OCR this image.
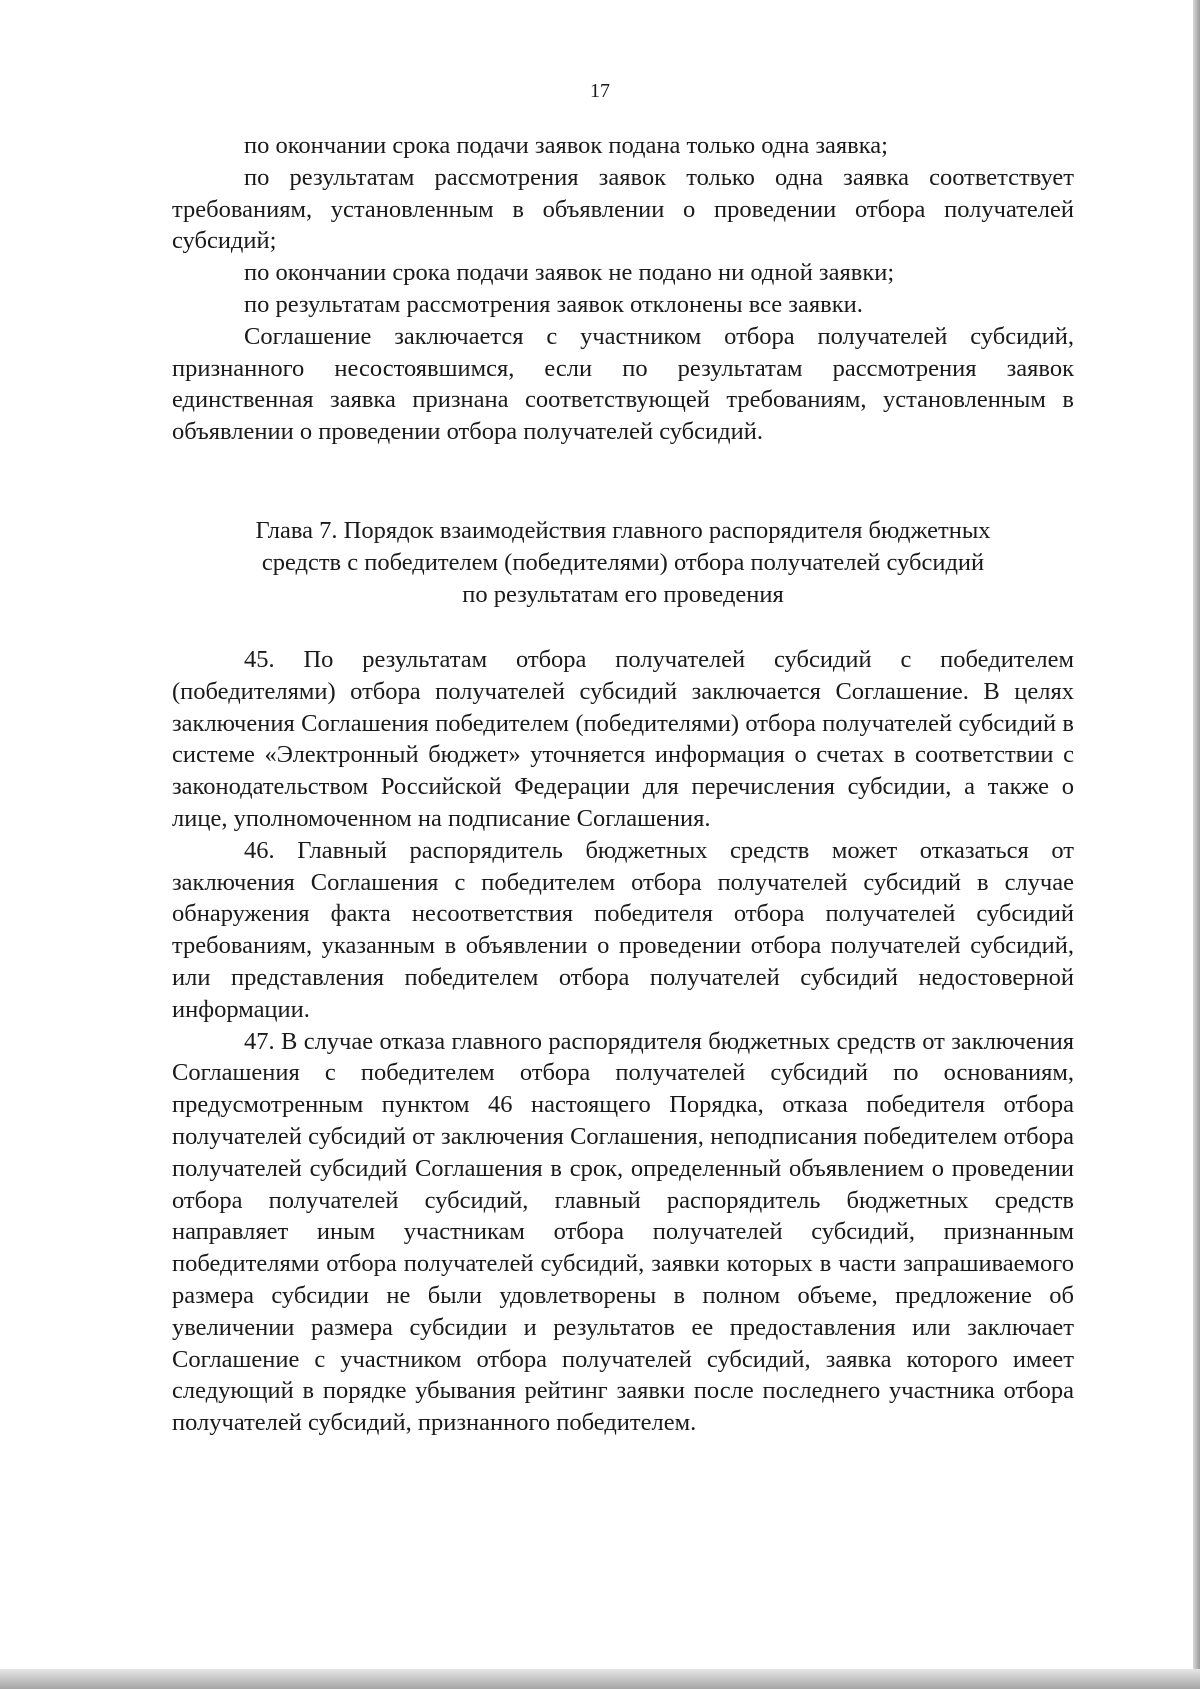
17

по окончании срока подачи заявок подана только одна заявка;

по результатам рассмотрения заявок только одна заявка соответствует требованиям, установленным в объявлении о проведении отбора получателей субсидий;

по окончании срока подачи заявок не подано ни одной заявки;

по результатам рассмотрения заявок отклонены все заявки.

Соглашение заключается с участником отбора получателей субсидий, признанного несостоявшимся, если по результатам рассмотрения заявок единственная заявка признана соответствующей требованиям, установленным в объявлении о проведении отбора получателей субсидий.

Глава 7. Порядок взаимодействия главного распорядителя бюджетных
средств с победителем (победителями) отбора получателей субсидий
по результатам его проведения

45. По результатам отбора получателей субсидий с победителем (победителями) отбора получателей субсидий заключается Соглашение. В целях заключения Соглашения победителем (победителями) отбора получателей субсидий в системе «Электронный бюджет» уточняется информация о счетах в соответствии с законодательством Российской Федерации для перечисления субсидии, а также о лице, уполномоченном на подписание Соглашения.

46. Главный распорядитель бюджетных средств может отказаться от заключения Соглашения с победителем отбора получателей субсидий в случае обнаружения факта несоответствия победителя отбора получателей субсидий требованиям, указанным в объявлении о проведении отбора получателей субсидий, или представления победителем отбора получателей субсидий недостоверной информации.

47. В случае отказа главного распорядителя бюджетных средств от заключения Соглашения с победителем отбора получателей субсидий по основаниям, предусмотренным пунктом 46 настоящего Порядка, отказа победителя отбора получателей субсидий от заключения Соглашения, неподписания победителем отбора получателей субсидий Соглашения в срок, определенный объявлением о проведении отбора получателей субсидий, главный распорядитель бюджетных средств направляет иным участникам отбора получателей субсидий, признанным победителями отбора получателей субсидий, заявки которых в части запрашиваемого размера субсидии не были удовлетворены в полном объеме, предложение об увеличении размера субсидии и результатов ее предоставления или заключает Соглашение с участником отбора получателей субсидий, заявка которого имеет следующий в порядке убывания рейтинг заявки после последнего участника отбора получателей субсидий, признанного победителем.
